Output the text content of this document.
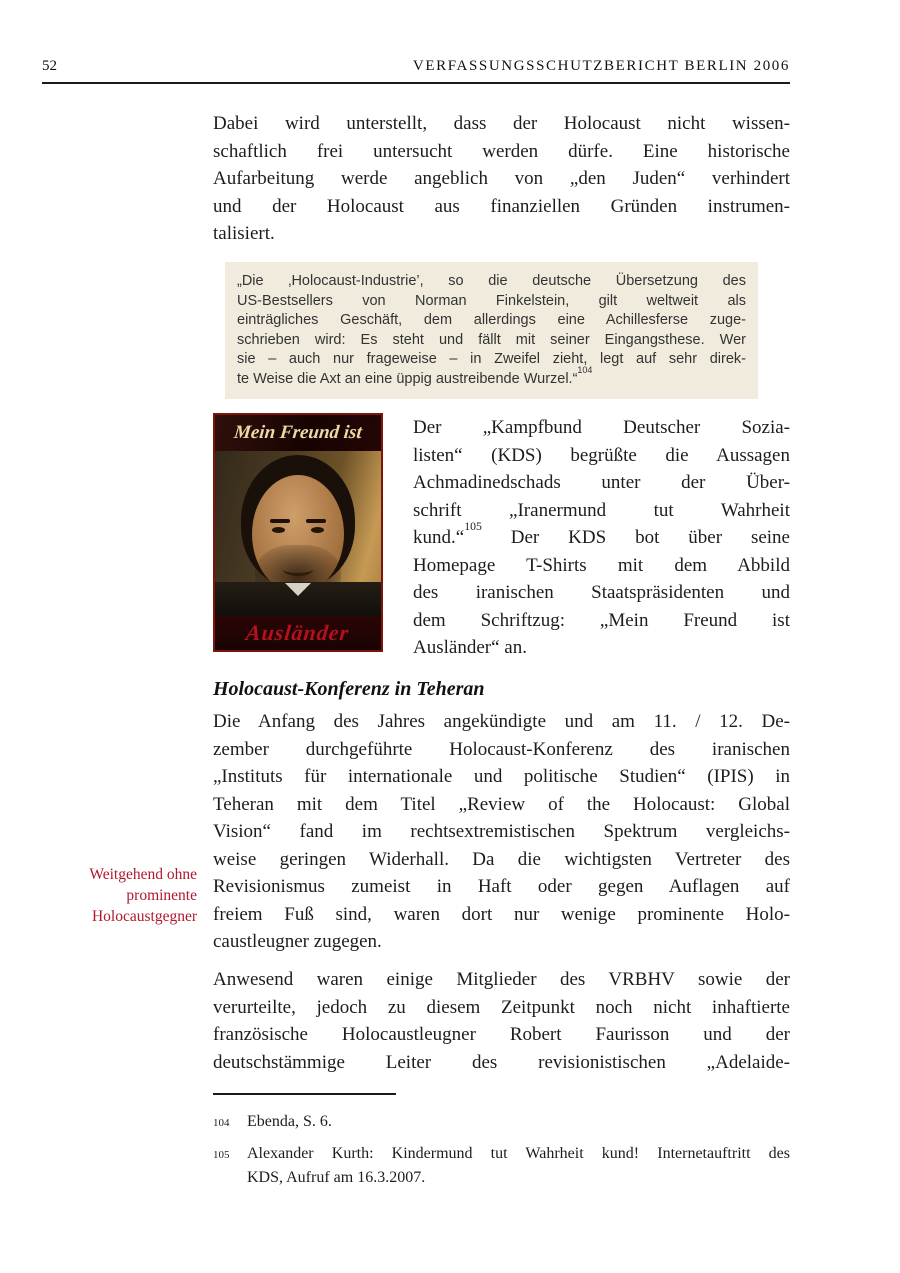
52	VERFASSUNGSSCHUTZBERICHT BERLIN 2006
Dabei wird unterstellt, dass der Holocaust nicht wissen-
schaftlich frei untersucht werden dürfe. Eine historische
Aufarbeitung werde angeblich von „den Juden“ verhindert
und der Holocaust aus finanziellen Gründen instrumen-
talisiert.
„Die ‚Holocaust-Industrie’, so die deutsche Übersetzung des
US-Bestsellers von Norman Finkelstein, gilt weltweit als
einträgliches Geschäft, dem allerdings eine Achillesferse zuge-
schrieben wird: Es steht und fällt mit seiner Eingangsthese. Wer
sie – auch nur frageweise – in Zweifel zieht, legt auf sehr direk-
te Weise die Axt an eine üppig austreibende Wurzel.“$^{104}$
Mein Freund ist
Ausländer
Der „Kampfbund Deutscher Sozia-
listen“ (KDS) begrüßte die Aussagen
Achmadinedschads unter der Über-
schrift „Iranermund tut Wahrheit
kund.“$^{105}$ Der KDS bot über seine
Homepage T-Shirts mit dem Abbild
des iranischen Staatspräsidenten und
dem Schriftzug: „Mein Freund ist
Ausländer“ an.
Holocaust-Konferenz in Teheran
Die Anfang des Jahres angekündigte und am 11. / 12. De-
zember durchgeführte Holocaust-Konferenz des iranischen
„Instituts für internationale und politische Studien“ (IPIS) in
Teheran mit dem Titel „Review of the Holocaust: Global
Vision“ fand im rechtsextremistischen Spektrum vergleichs-
weise geringen Widerhall. Da die wichtigsten Vertreter des
Revisionismus zumeist in Haft oder gegen Auflagen auf
freiem Fuß sind, waren dort nur wenige prominente Holo-
caustleugner zugegen.
Weitgehend ohne
prominente
Holocaustgegner
Anwesend waren einige Mitglieder des VRBHV sowie der
verurteilte, jedoch zu diesem Zeitpunkt noch nicht inhaftierte
französische Holocaustleugner Robert Faurisson und der
deutschstämmige Leiter des revisionistischen „Adelaide-
104	Ebenda, S. 6.
105	Alexander Kurth: Kindermund tut Wahrheit kund! Internetauftritt des
KDS, Aufruf am 16.3.2007.
